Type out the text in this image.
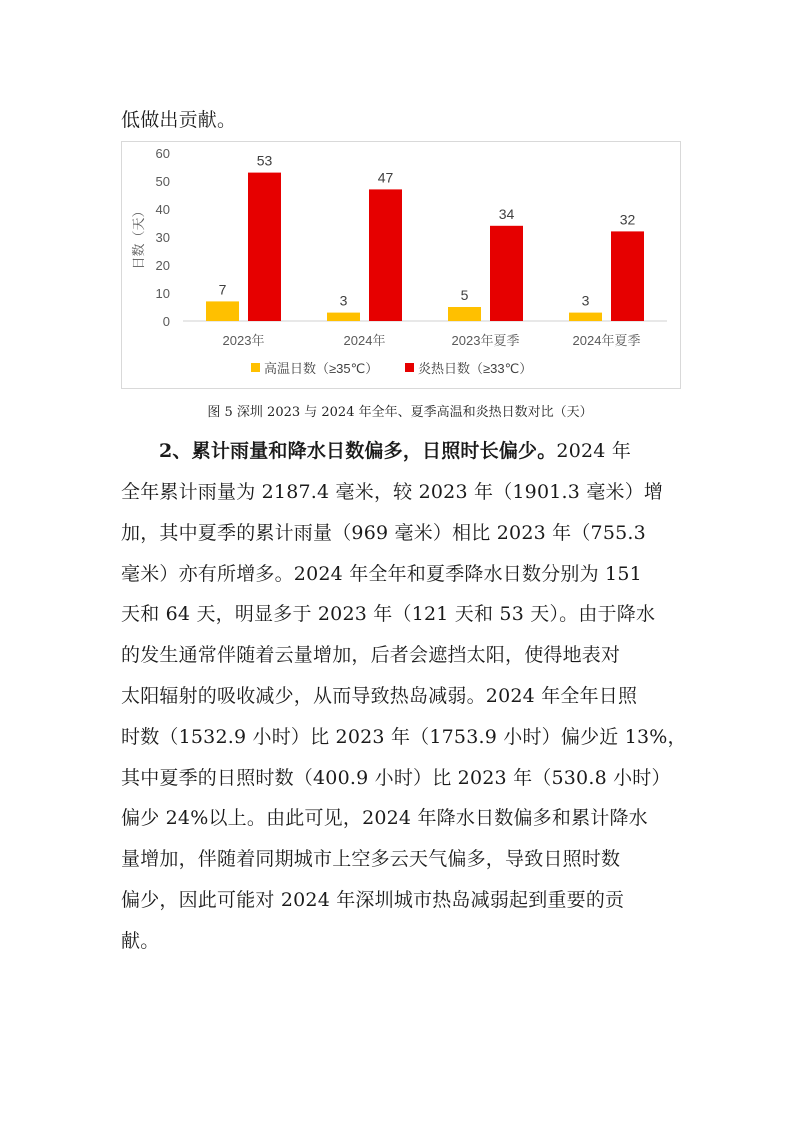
低做出贡献。
0
10
20
30
40
50
60
日数（天）
7
53
2023年
3
47
2024年
5
34
2023年夏季
3
32
2024年夏季
高温日数（≥35℃）	炎热日数（≥33℃）
图 5 深圳 2023 与 2024 年全年、夏季高温和炎热日数对比（天）
2、累计雨量和降水日数偏多，日照时长偏少。2024 年
全年累计雨量为 2187.4 毫米，较 2023 年（1901.3 毫米）增
加，其中夏季的累计雨量（969 毫米）相比 2023 年（755.3
毫米）亦有所增多。2024 年全年和夏季降水日数分别为 151
天和 64 天，明显多于 2023 年（121 天和 53 天）。由于降水
的发生通常伴随着云量增加，后者会遮挡太阳，使得地表对
太阳辐射的吸收减少，从而导致热岛减弱。2024 年全年日照
时数（1532.9 小时）比 2023 年（1753.9 小时）偏少近 13%，
其中夏季的日照时数（400.9 小时）比 2023 年（530.8 小时）
偏少 24%以上。由此可见，2024 年降水日数偏多和累计降水
量增加，伴随着同期城市上空多云天气偏多，导致日照时数
偏少，因此可能对 2024 年深圳城市热岛减弱起到重要的贡
献。
